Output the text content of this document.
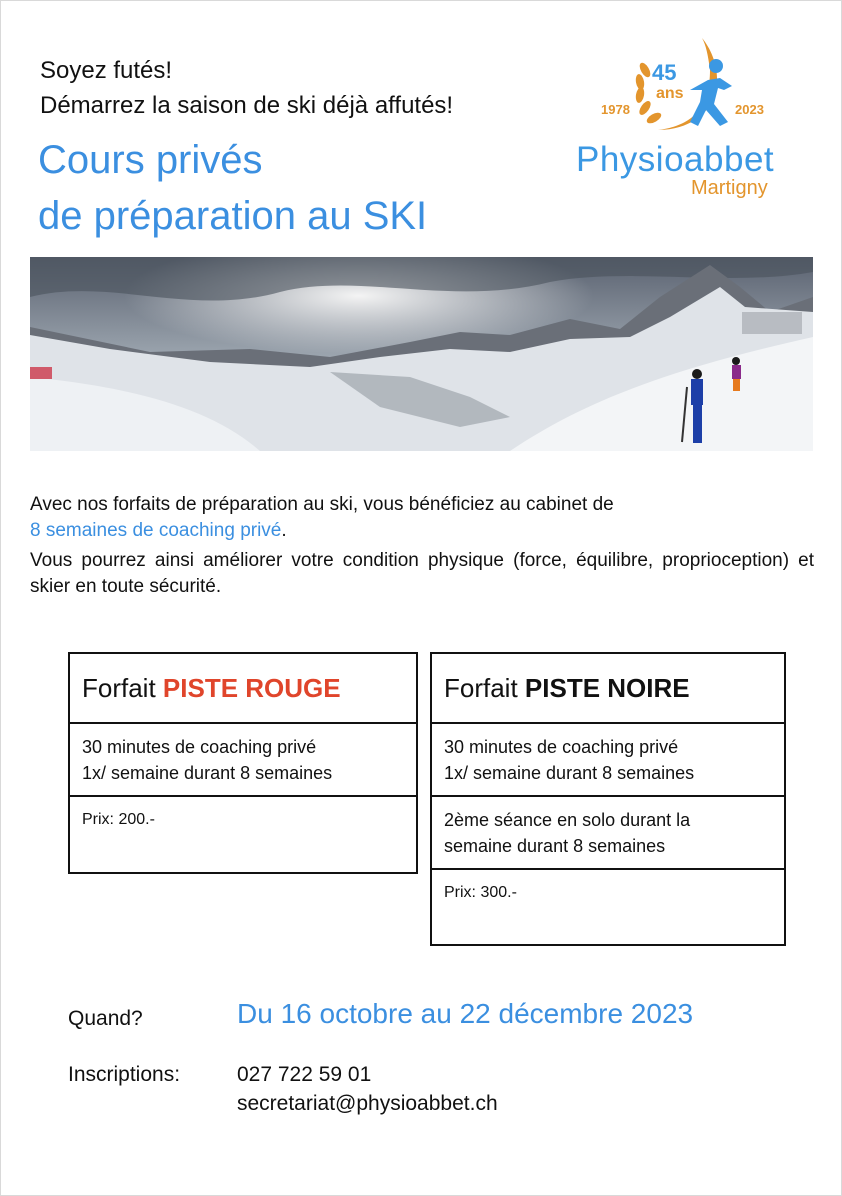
Soyez futés!
Démarrez la saison de ski déjà affutés!
Cours privés
de préparation au SKI
45
ans
1978	2023
Physioabbet
Martigny
Avec nos forfaits de préparation au ski, vous bénéficiez au cabinet de
8 semaines de coaching privé.
Vous pourrez ainsi améliorer votre condition physique (force, équilibre, proprioception) et skier en toute sécurité.
Forfait PISTE ROUGE
30 minutes de coaching privé
1x/ semaine durant 8 semaines
Prix: 200.-
Forfait PISTE NOIRE
30 minutes de coaching privé
1x/ semaine durant 8 semaines
2ème séance en solo durant la
semaine durant 8 semaines
Prix: 300.-
Quand?	Du 16 octobre au 22 décembre 2023
Inscriptions:	027 722 59 01
secretariat@physioabbet.ch
